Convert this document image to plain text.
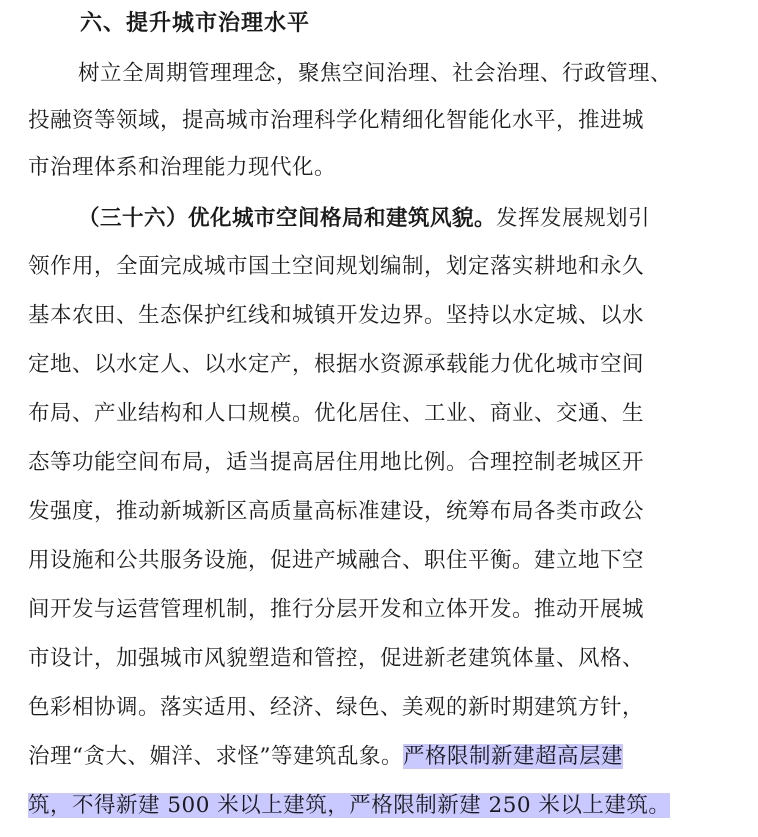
六、提升城市治理水平
树立全周期管理理念，聚焦空间治理、社会治理、行政管理、
投融资等领域，提高城市治理科学化精细化智能化水平，推进城
市治理体系和治理能力现代化。
（三十六）优化城市空间格局和建筑风貌。发挥发展规划引
领作用，全面完成城市国土空间规划编制，划定落实耕地和永久
基本农田、生态保护红线和城镇开发边界。坚持以水定城、以水
定地、以水定人、以水定产，根据水资源承载能力优化城市空间
布局、产业结构和人口规模。优化居住、工业、商业、交通、生
态等功能空间布局，适当提高居住用地比例。合理控制老城区开
发强度，推动新城新区高质量高标准建设，统筹布局各类市政公
用设施和公共服务设施，促进产城融合、职住平衡。建立地下空
间开发与运营管理机制，推行分层开发和立体开发。推动开展城
市设计，加强城市风貌塑造和管控，促进新老建筑体量、风格、
色彩相协调。落实适用、经济、绿色、美观的新时期建筑方针，
治理“贪大、媚洋、求怪”等建筑乱象。严格限制新建超高层建
筑，不得新建 500 米以上建筑，严格限制新建 250 米以上建筑。
